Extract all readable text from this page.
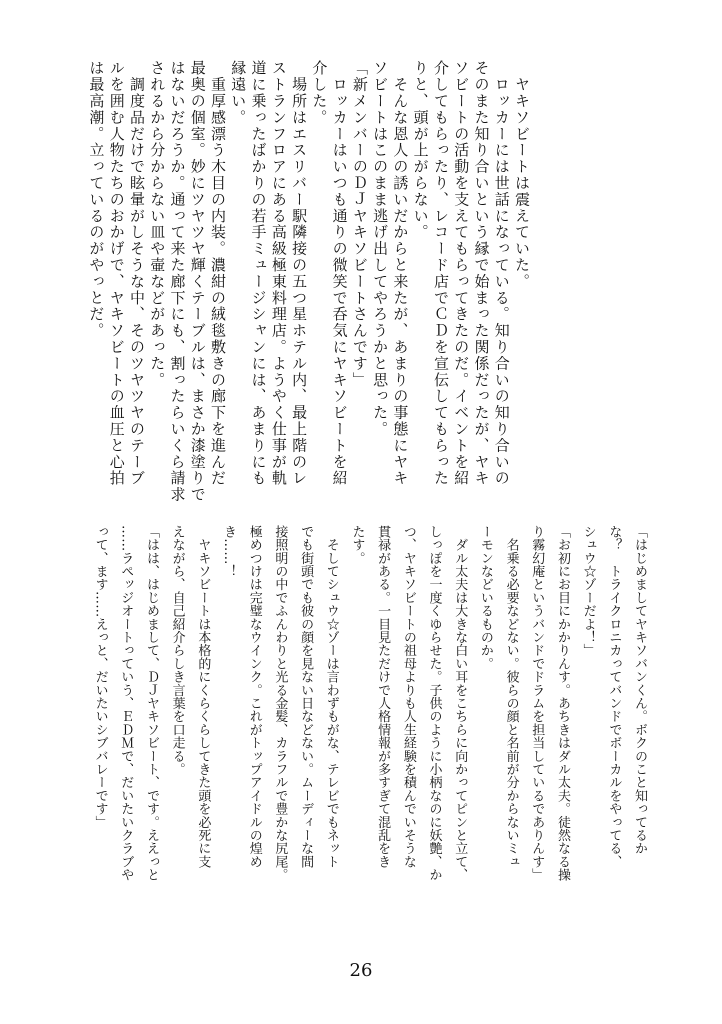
　ヤキソビートは震えていた。
　ロッカーには世話になっている。知り合いの知り合いの
そのまた知り合いという縁で始まった関係だったが、ヤキ
ソビートの活動を支えてもらってきたのだ。イベントを紹
介してもらったり、レコード店でＣＤを宣伝してもらった
りと、頭が上がらない。
　そんな恩人の誘いだからと来たが、あまりの事態にヤキ
ソビートはこのまま逃げ出してやろうかと思った。
「新メンバーのＤＪヤキソビートさんです」
　ロッカーはいつも通りの微笑で呑気にヤキソビートを紹
介した。
　場所はエスリバー駅隣接の五つ星ホテル内、最上階のレ
ストランフロアにある高級極東料理店。ようやく仕事が軌
道に乗ったばかりの若手ミュージシャンには、あまりにも
縁遠い。
　重厚感漂う木目の内装。濃紺の絨毯敷きの廊下を進んだ
最奥の個室。妙にツヤツヤ輝くテーブルは、まさか漆塗りで
はないだろうか。通って来た廊下にも、割ったらいくら請求
されるから分からない皿や壷などがあった。
　調度品だけで眩暈がしそうな中、そのツヤツヤのテーブ
ルを囲む人物たちのおかげで、ヤキソビートの血圧と心拍
は最高潮。立っているのがやっとだ。
「はじめましてヤキソバンくん。ボクのこと知ってるか
な？　トライクロニカってバンドでボーカルをやってる、
シュウ☆ゾーだよ！」
「お初にお目にかかりんす。あちきはダル太夫。徒然なる操
り霧幻庵というバンドでドラムを担当しているでありんす」
　名乗る必要などない。彼らの顔と名前が分からないミュ
ーモンなどいるものか。
　ダル太夫は大きな白い耳をこちらに向かってピンと立て、
しっぽを一度くゆらせた。子供のように小柄なのに妖艶、か
つ、ヤキソビートの祖母よりも人生経験を積んでいそうな
貫禄がある。一目見ただけで人格情報が多すぎて混乱をき
たす。
　そしてシュウ☆ゾーは言わずもがな、テレビでもネット
でも街頭でも彼の顔を見ない日などない。ムーディーな間
接照明の中でふんわりと光る金髪、カラフルで豊かな尻尾。
極めつけは完璧なウインク。これがトップアイドルの煌め
き……！
　ヤキソビートは本格的にくらくらしてきた頭を必死に支
えながら、自己紹介らしき言葉を口走る。
「はは、はじめまして、ＤＪヤキソビート、です。ええっと
……ラペッジオートっていう、ＥＤＭで、だいたいクラブや
って、ます……えっと、だいたいシブバレーです」
26
